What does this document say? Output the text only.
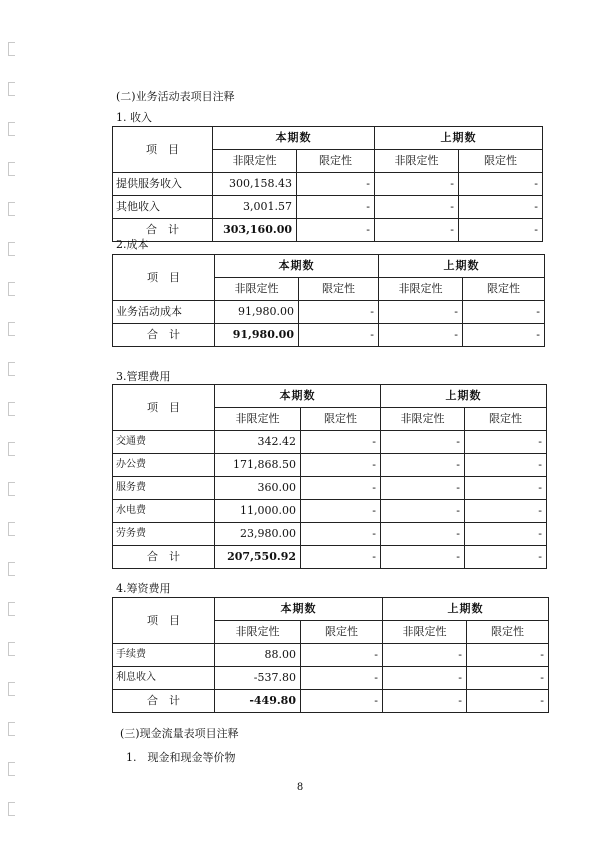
(二)业务活动表项目注释
1. 收入
项　目	本期数		上期数	
	非限定性	限定性	非限定性	限定性
提供服务收入	300,158.43	-	-	-
其他收入	3,001.57	-	-	-
合　计	303,160.00	-	-	-
2.成本
项　目	本期数		上期数	
	非限定性	限定性	非限定性	限定性
业务活动成本	91,980.00	-	-	-
合　计	91,980.00	-	-	-
3.管理费用
项　目	本期数		上期数	
	非限定性	限定性	非限定性	限定性
交通费	342.42	-	-	-
办公费	171,868.50	-	-	-
服务费	360.00	-	-	-
水电费	11,000.00	-	-	-
劳务费	23,980.00	-	-	-
合　计	207,550.92	-	-	-
4.筹资费用
项　目	本期数		上期数	
	非限定性	限定性	非限定性	限定性
手续费	88.00	-	-	-
利息收入	-537.80	-	-	-
合　计	-449.80	-	-	-
(三)现金流量表项目注释
1.　现金和现金等价物
8
